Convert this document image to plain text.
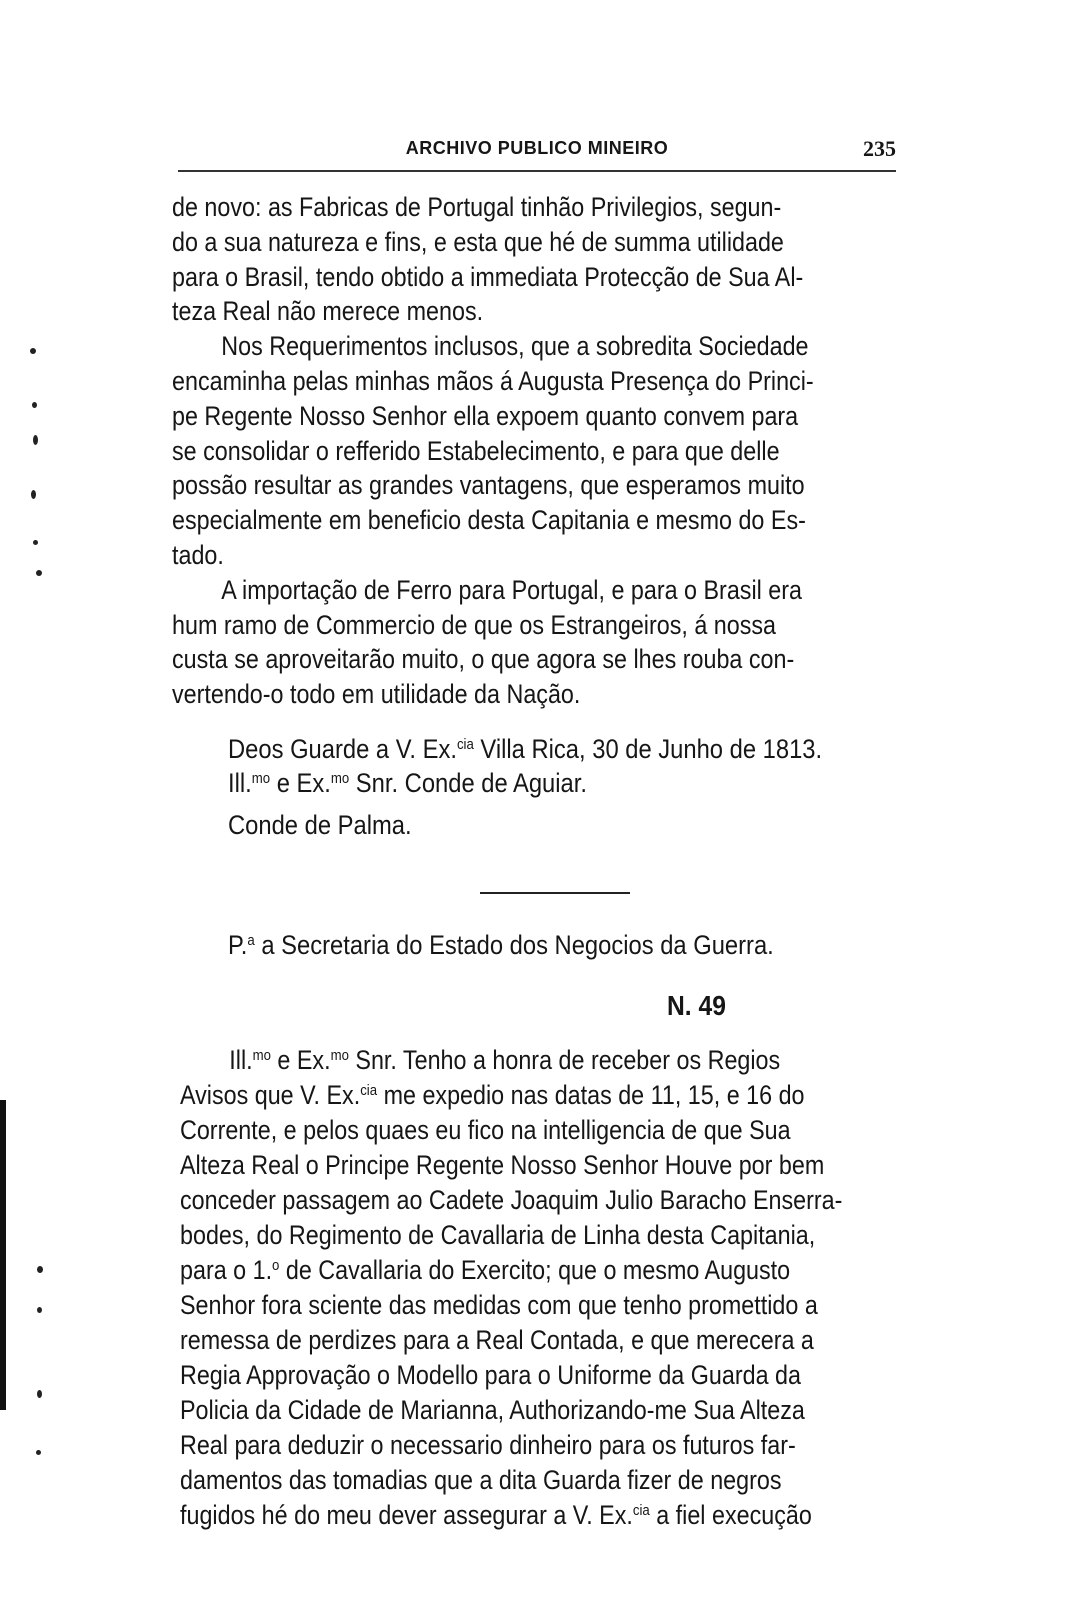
ARCHIVO PUBLICO MINEIRO	235
de novo: as Fabricas de Portugal tinhão Privilegios, segun-
do a sua natureza e fins, e esta que hé de summa utilidade
para o Brasil, tendo obtido a immediata Protecção de Sua Al-
teza Real não merece menos.
Nos Requerimentos inclusos, que a sobredita Sociedade
encaminha pelas minhas mãos á Augusta Presença do Princi-
pe Regente Nosso Senhor ella expoem quanto convem para
se consolidar o refferido Estabelecimento, e para que delle
possão resultar as grandes vantagens, que esperamos muito
especialmente em beneficio desta Capitania e mesmo do Es-
tado.
A importação de Ferro para Portugal, e para o Brasil era
hum ramo de Commercio de que os Estrangeiros, á nossa
custa se aproveitarão muito, o que agora se lhes rouba con-
vertendo-o todo em utilidade da Nação.
Deos Guarde a V. Ex.$^{cia}$ Villa Rica, 30 de Junho de 1813.
Ill.$^{mo}$ e Ex.$^{mo}$ Snr. Conde de Aguiar.
Conde de Palma.
P.$^a$ a Secretaria do Estado dos Negocios da Guerra.
N. 49
Ill.$^{mo}$ e Ex.$^{mo}$ Snr. Tenho a honra de receber os Regios
Avisos que V. Ex.$^{cia}$ me expedio nas datas de 11, 15, e 16 do
Corrente, e pelos quaes eu fico na intelligencia de que Sua
Alteza Real o Principe Regente Nosso Senhor Houve por bem
conceder passagem ao Cadete Joaquim Julio Baracho Enserra-
bodes, do Regimento de Cavallaria de Linha desta Capitania,
para o 1.$^o$ de Cavallaria do Exercito; que o mesmo Augusto
Senhor fora sciente das medidas com que tenho promettido a
remessa de perdizes para a Real Contada, e que merecera a
Regia Approvação o Modello para o Uniforme da Guarda da
Policia da Cidade de Marianna, Authorizando-me Sua Alteza
Real para deduzir o necessario dinheiro para os futuros far-
damentos das tomadias que a dita Guarda fizer de negros
fugidos hé do meu dever assegurar a V. Ex.$^{cia}$ a fiel execução
